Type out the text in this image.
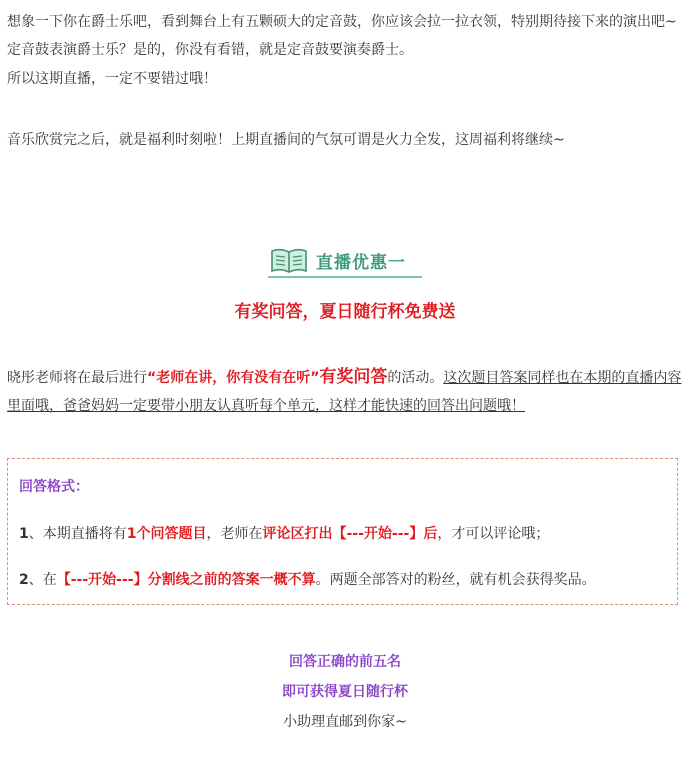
想象一下你在爵士乐吧，看到舞台上有五颗硕大的定音鼓，你应该会拉一拉衣领，特别期待接下来的演出吧~定音鼓表演爵士乐？是的，你没有看错，就是定音鼓要演奏爵士。

所以这期直播，一定不要错过哦！

音乐欣赏完之后，就是福利时刻啦！上期直播间的气氛可谓是火力全发，这周福利将继续~

直播优惠一
有奖问答，夏日随行杯免费送

晓彤老师将在最后进行“老师在讲，你有没有在听”有奖问答的活动。这次题目答案同样也在本期的直播内容里面哦，爸爸妈妈一定要带小朋友认真听每个单元，这样才能快速的回答出问题哦！

回答格式：
1、本期直播将有1个问答题目，老师在评论区打出【---开始---】后，才可以评论哦；
2、在【---开始---】分割线之前的答案一概不算。两题全部答对的粉丝，就有机会获得奖品。
回答正确的前五名
即可获得夏日随行杯
小助理直邮到你家~
